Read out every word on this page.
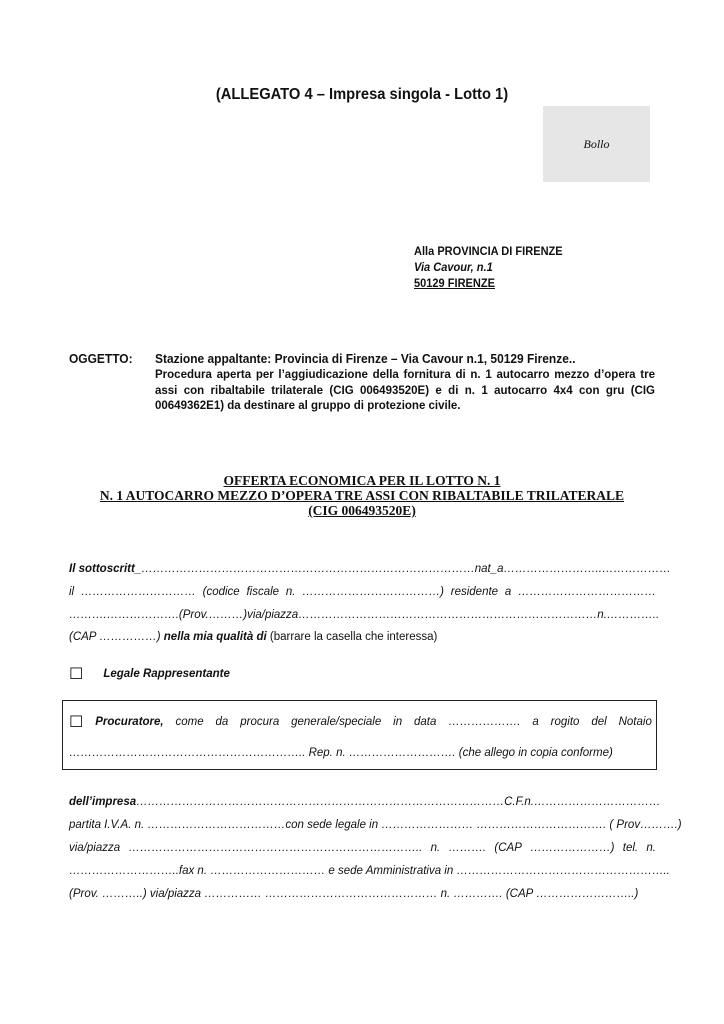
(ALLEGATO 4 – Impresa singola - Lotto 1)
Bollo
Alla PROVINCIA DI FIRENZE
Via Cavour, n.1
50129 FIRENZE
OGGETTO: Stazione appaltante: Provincia di Firenze – Via Cavour n.1, 50129 Firenze..
Procedura aperta per l’aggiudicazione della fornitura di n. 1 autocarro mezzo d’opera tre assi con ribaltabile trilaterale (CIG 006493520E) e di n. 1 autocarro 4x4 con gru (CIG 00649362E1) da destinare al gruppo di protezione civile.
OFFERTA ECONOMICA PER IL LOTTO N. 1
N. 1 AUTOCARRO MEZZO D’OPERA TRE ASSI CON RIBALTABILE TRILATERALE
(CIG 006493520E)
Il sottoscritt_ …………………………………………………………………………… nat_ a ……………………..………………
il ………………………… (codice fiscale n. ………………………………) residente a ………………………………
……….……………….(Prov. ………) via/piazza …………………………………………………………………… n. …………..
(CAP ……………) nella mia qualità di (barrare la casella che interessa)
☐ Legale Rappresentante
☐ Procuratore, come da procura generale/speciale in data ………………. a rogito del Notaio
…………………………………………………….. Rep. n. ………………………. (che allego in copia conforme)
dell’impresa …………………………………………………………………………………… C.F. n. ……………………………
partita I.V.A. n. ………………………………con sede legale in …………………… ……………………………. ( Prov……….)
via/piazza ………………………………………………………………….. n. ………. (CAP …………………) tel. n.
……………………….. fax n. ………………………… e sede Amministrativa in ………………………………………………..
(Prov. ………..) via/piazza …………… ……………………………………… n. …………. (CAP ……………………..)
